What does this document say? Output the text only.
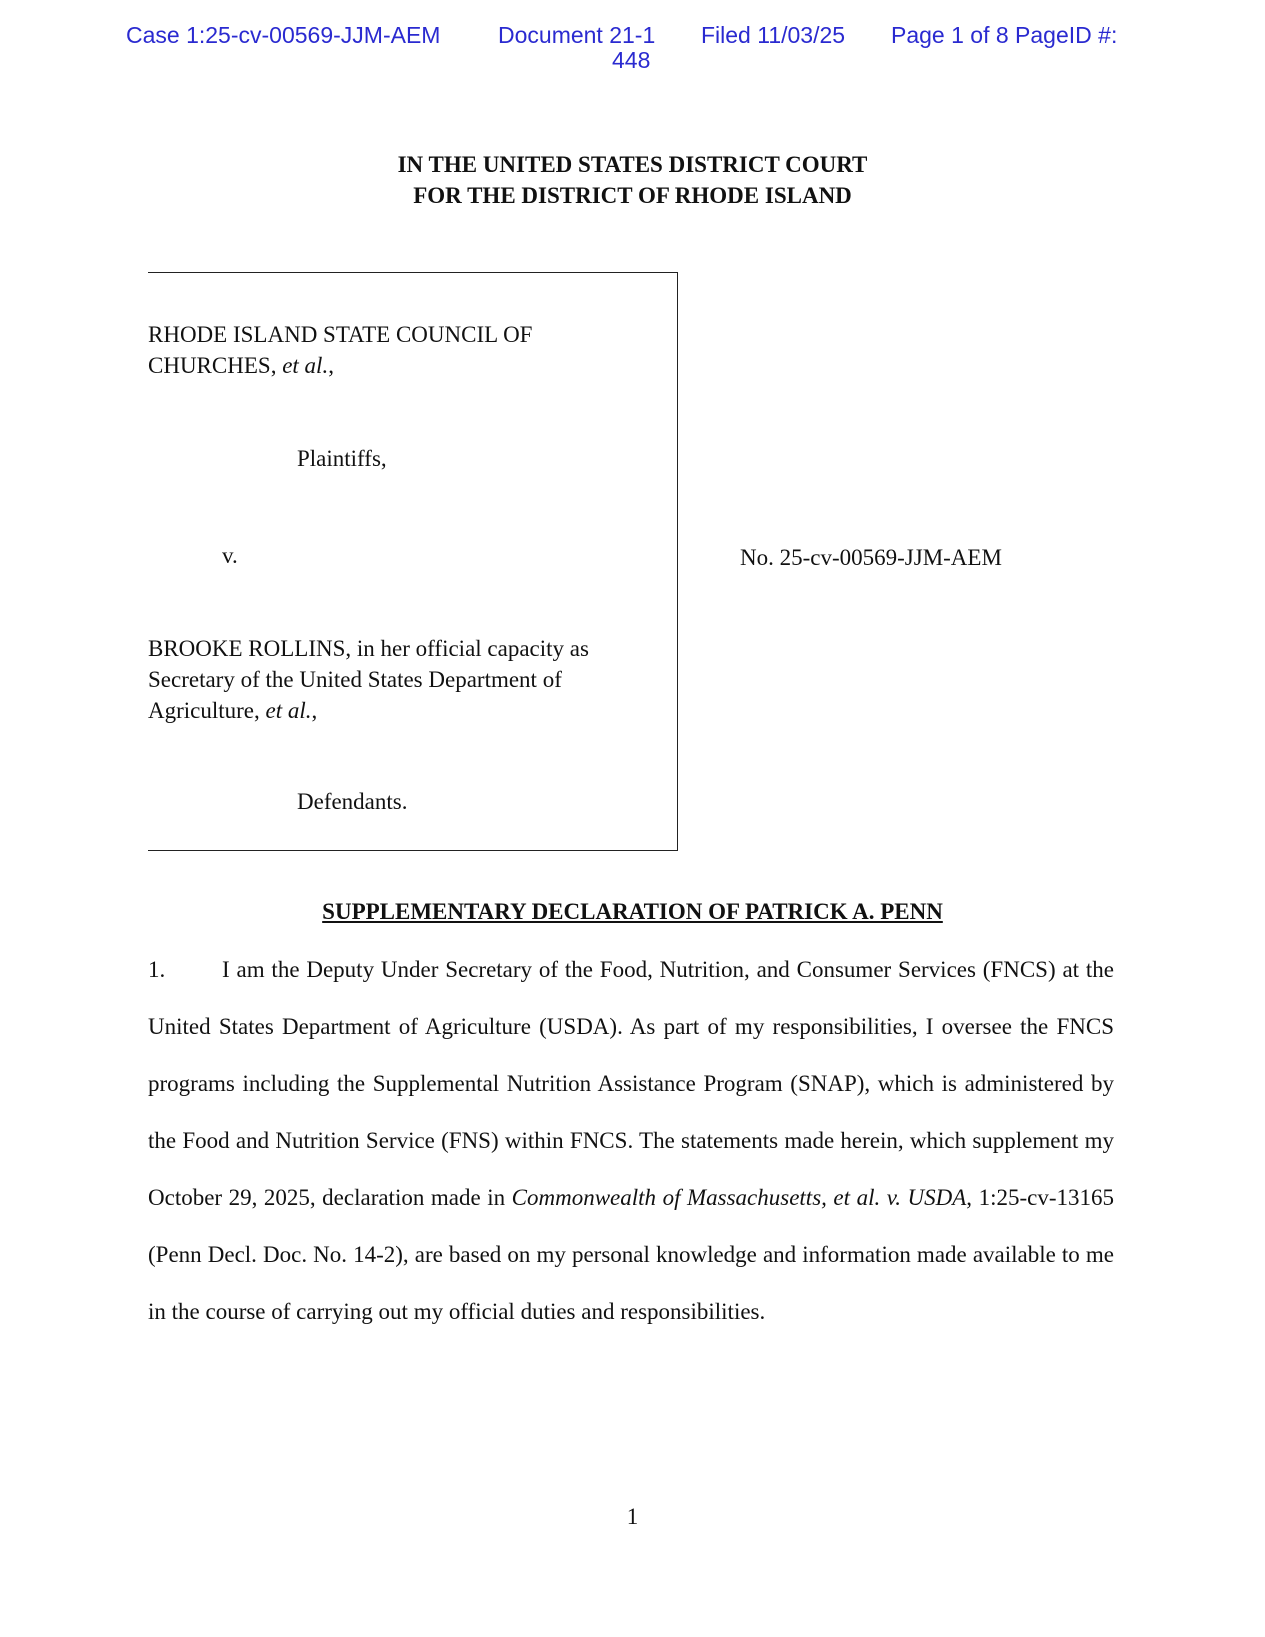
Case 1:25-cv-00569-JJM-AEM	Document 21-1 Filed 11/03/25 Page 1 of 8 PageID #:
448
IN THE UNITED STATES DISTRICT COURT
FOR THE DISTRICT OF RHODE ISLAND
RHODE ISLAND STATE COUNCIL OF
CHURCHES, et al.,
Plaintiffs,
v.
BROOKE ROLLINS, in her official capacity as
Secretary of the United States Department of
Agriculture, et al.,
Defendants.
No. 25-cv-00569-JJM-AEM
SUPPLEMENTARY DECLARATION OF PATRICK A. PENN
1. I am the Deputy Under Secretary of the Food, Nutrition, and Consumer Services (FNCS) at the United States Department of Agriculture (USDA). As part of my responsibilities, I oversee the FNCS programs including the Supplemental Nutrition Assistance Program (SNAP), which is administered by the Food and Nutrition Service (FNS) within FNCS. The statements made herein, which supplement my October 29, 2025, declaration made in Commonwealth of Massachusetts, et al. v. USDA, 1:25-cv-13165 (Penn Decl. Doc. No. 14-2), are based on my personal knowledge and information made available to me in the course of carrying out my official duties and responsibilities.
1
